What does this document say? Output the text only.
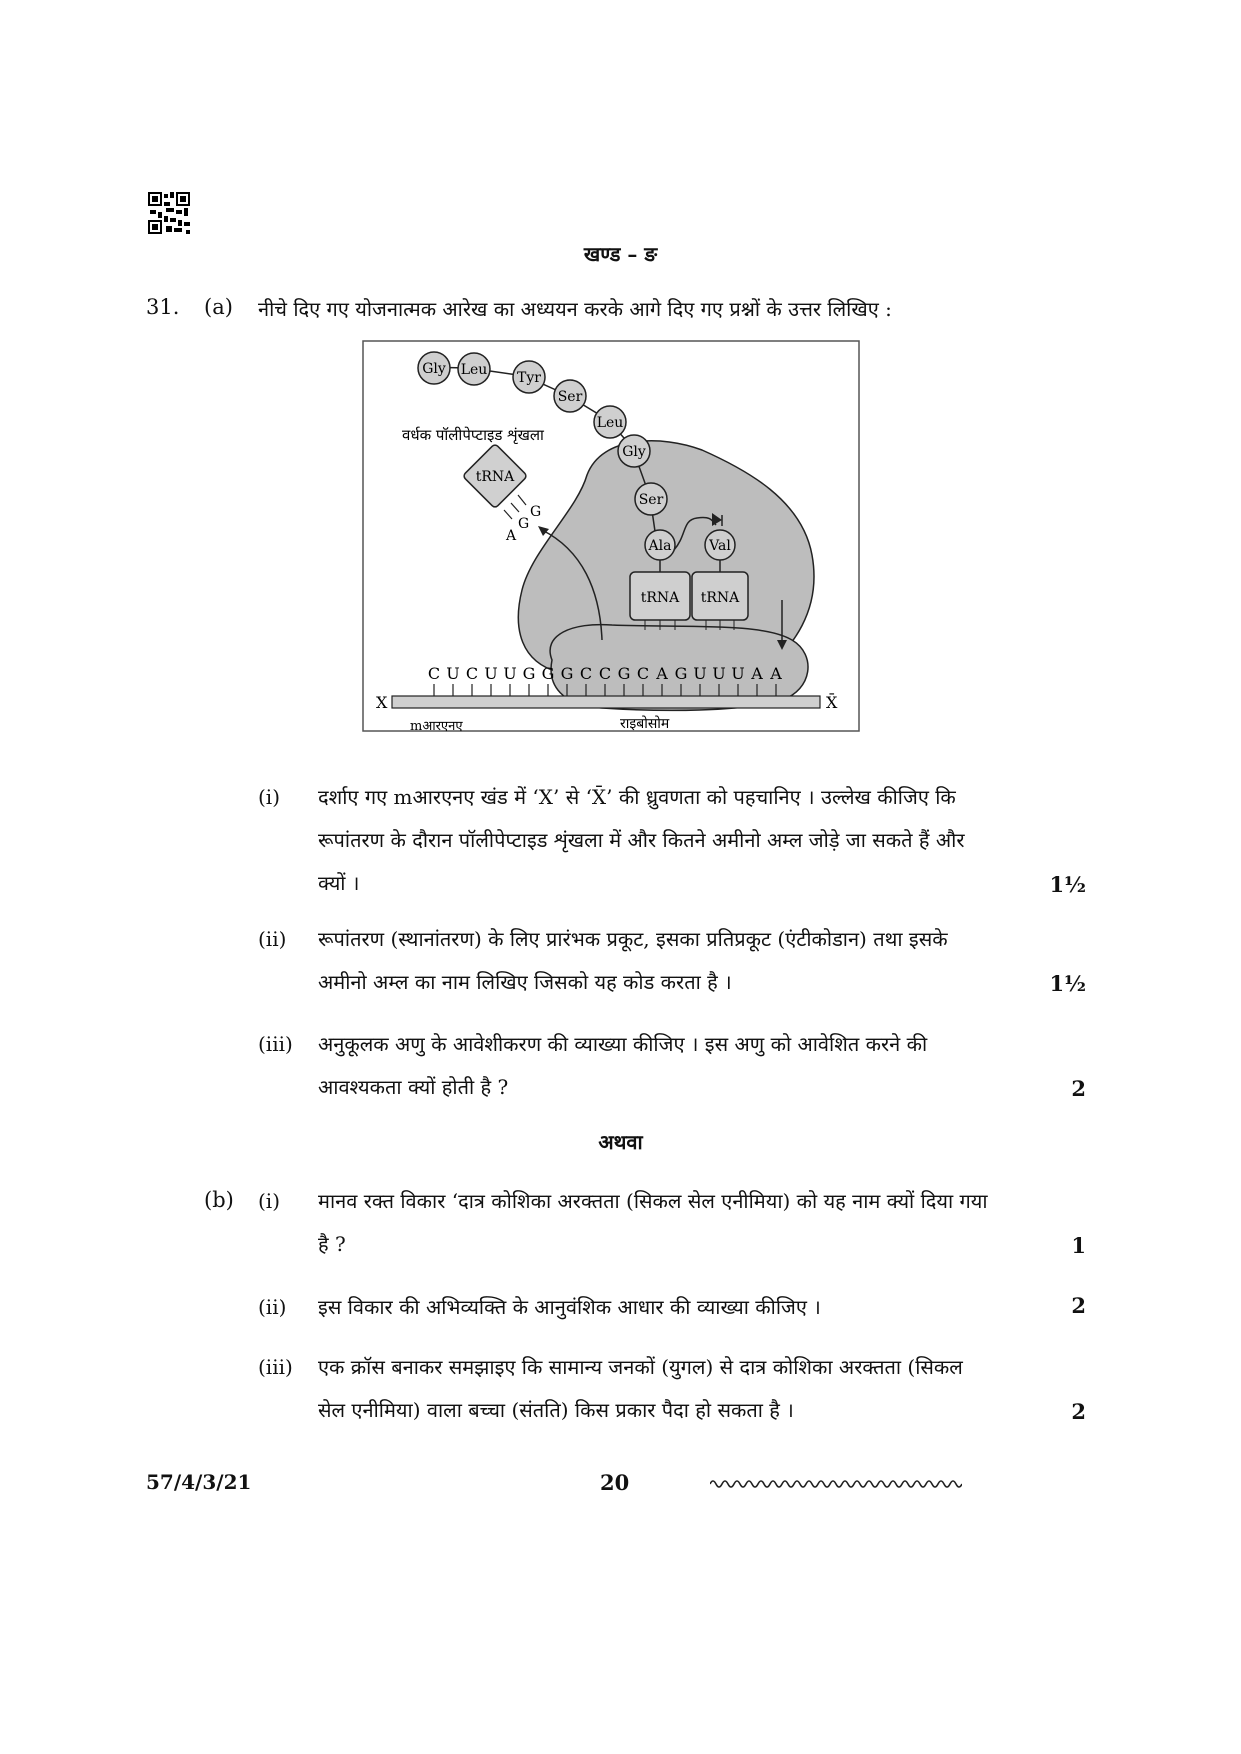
खण्ड – ङ
31. (a) नीचे दिए गए योजनात्मक आरेख का अध्ययन करके आगे दिए गए प्रश्नों के उत्तर लिखिए :
Gly Leu Tyr
Ser
Leu
Gly
Ser
वर्धक पॉलीपेप्टाइड शृंखला
tRNA
G
G
A
Ala
tRNA
Val
tRNA
X	X̄
C U C U U G G G C C G C A G U U U A A
mआरएनए	राइबोसोम
(i)	दर्शाए गए mआरएनए खंड में ‘X’ से ‘X̄’ की ध्रुवणता को पहचानिए । उल्लेख कीजिए कि
रूपांतरण के दौरान पॉलीपेप्टाइड शृंखला में और कितने अमीनो अम्ल जोड़े जा सकते हैं और
क्यों ।	1½
(ii)	रूपांतरण (स्थानांतरण) के लिए प्रारंभक प्रकूट, इसका प्रतिप्रकूट (एंटीकोडान) तथा इसके
अमीनो अम्ल का नाम लिखिए जिसको यह कोड करता है ।	1½
(iii)	अनुकूलक अणु के आवेशीकरण की व्याख्या कीजिए । इस अणु को आवेशित करने की
आवश्यकता क्यों होती है ?	2
अथवा
(b) (i)	मानव रक्त विकार ‘दात्र कोशिका अरक्तता (सिकल सेल एनीमिया) को यह नाम क्यों दिया गया
है ?	1
(ii)	इस विकार की अभिव्यक्ति के आनुवंशिक आधार की व्याख्या कीजिए ।	2
(iii)	एक क्रॉस बनाकर समझाइए कि सामान्य जनकों (युगल) से दात्र कोशिका अरक्तता (सिकल
सेल एनीमिया) वाला बच्चा (संतति) किस प्रकार पैदा हो सकता है ।	2
57/4/3/21	20
